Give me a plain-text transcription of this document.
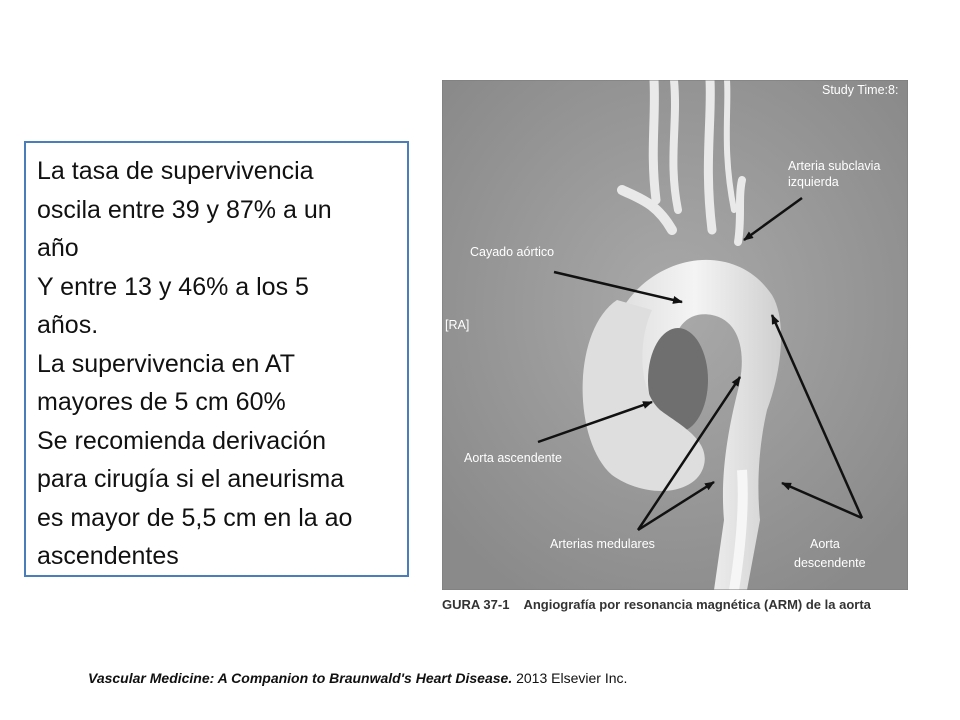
La tasa de supervivencia

oscila entre 39 y 87% a un

año

Y entre 13 y 46% a los 5

años.

La supervivencia en AT

mayores de 5 cm 60%

Se recomienda derivación

para cirugía si el aneurisma

es mayor de 5,5 cm en la ao

ascendentes

Study Time:8:
[RA]
Arteria subclavia
izquierda
Cayado aórtico
Aorta ascendente
Arterias medulares	Aorta
descendente
GURA 37-1 Angiografía por resonancia magnética (ARM) de la aorta
Vascular Medicine: A Companion to Braunwald's Heart Disease. 2013 Elsevier Inc.
